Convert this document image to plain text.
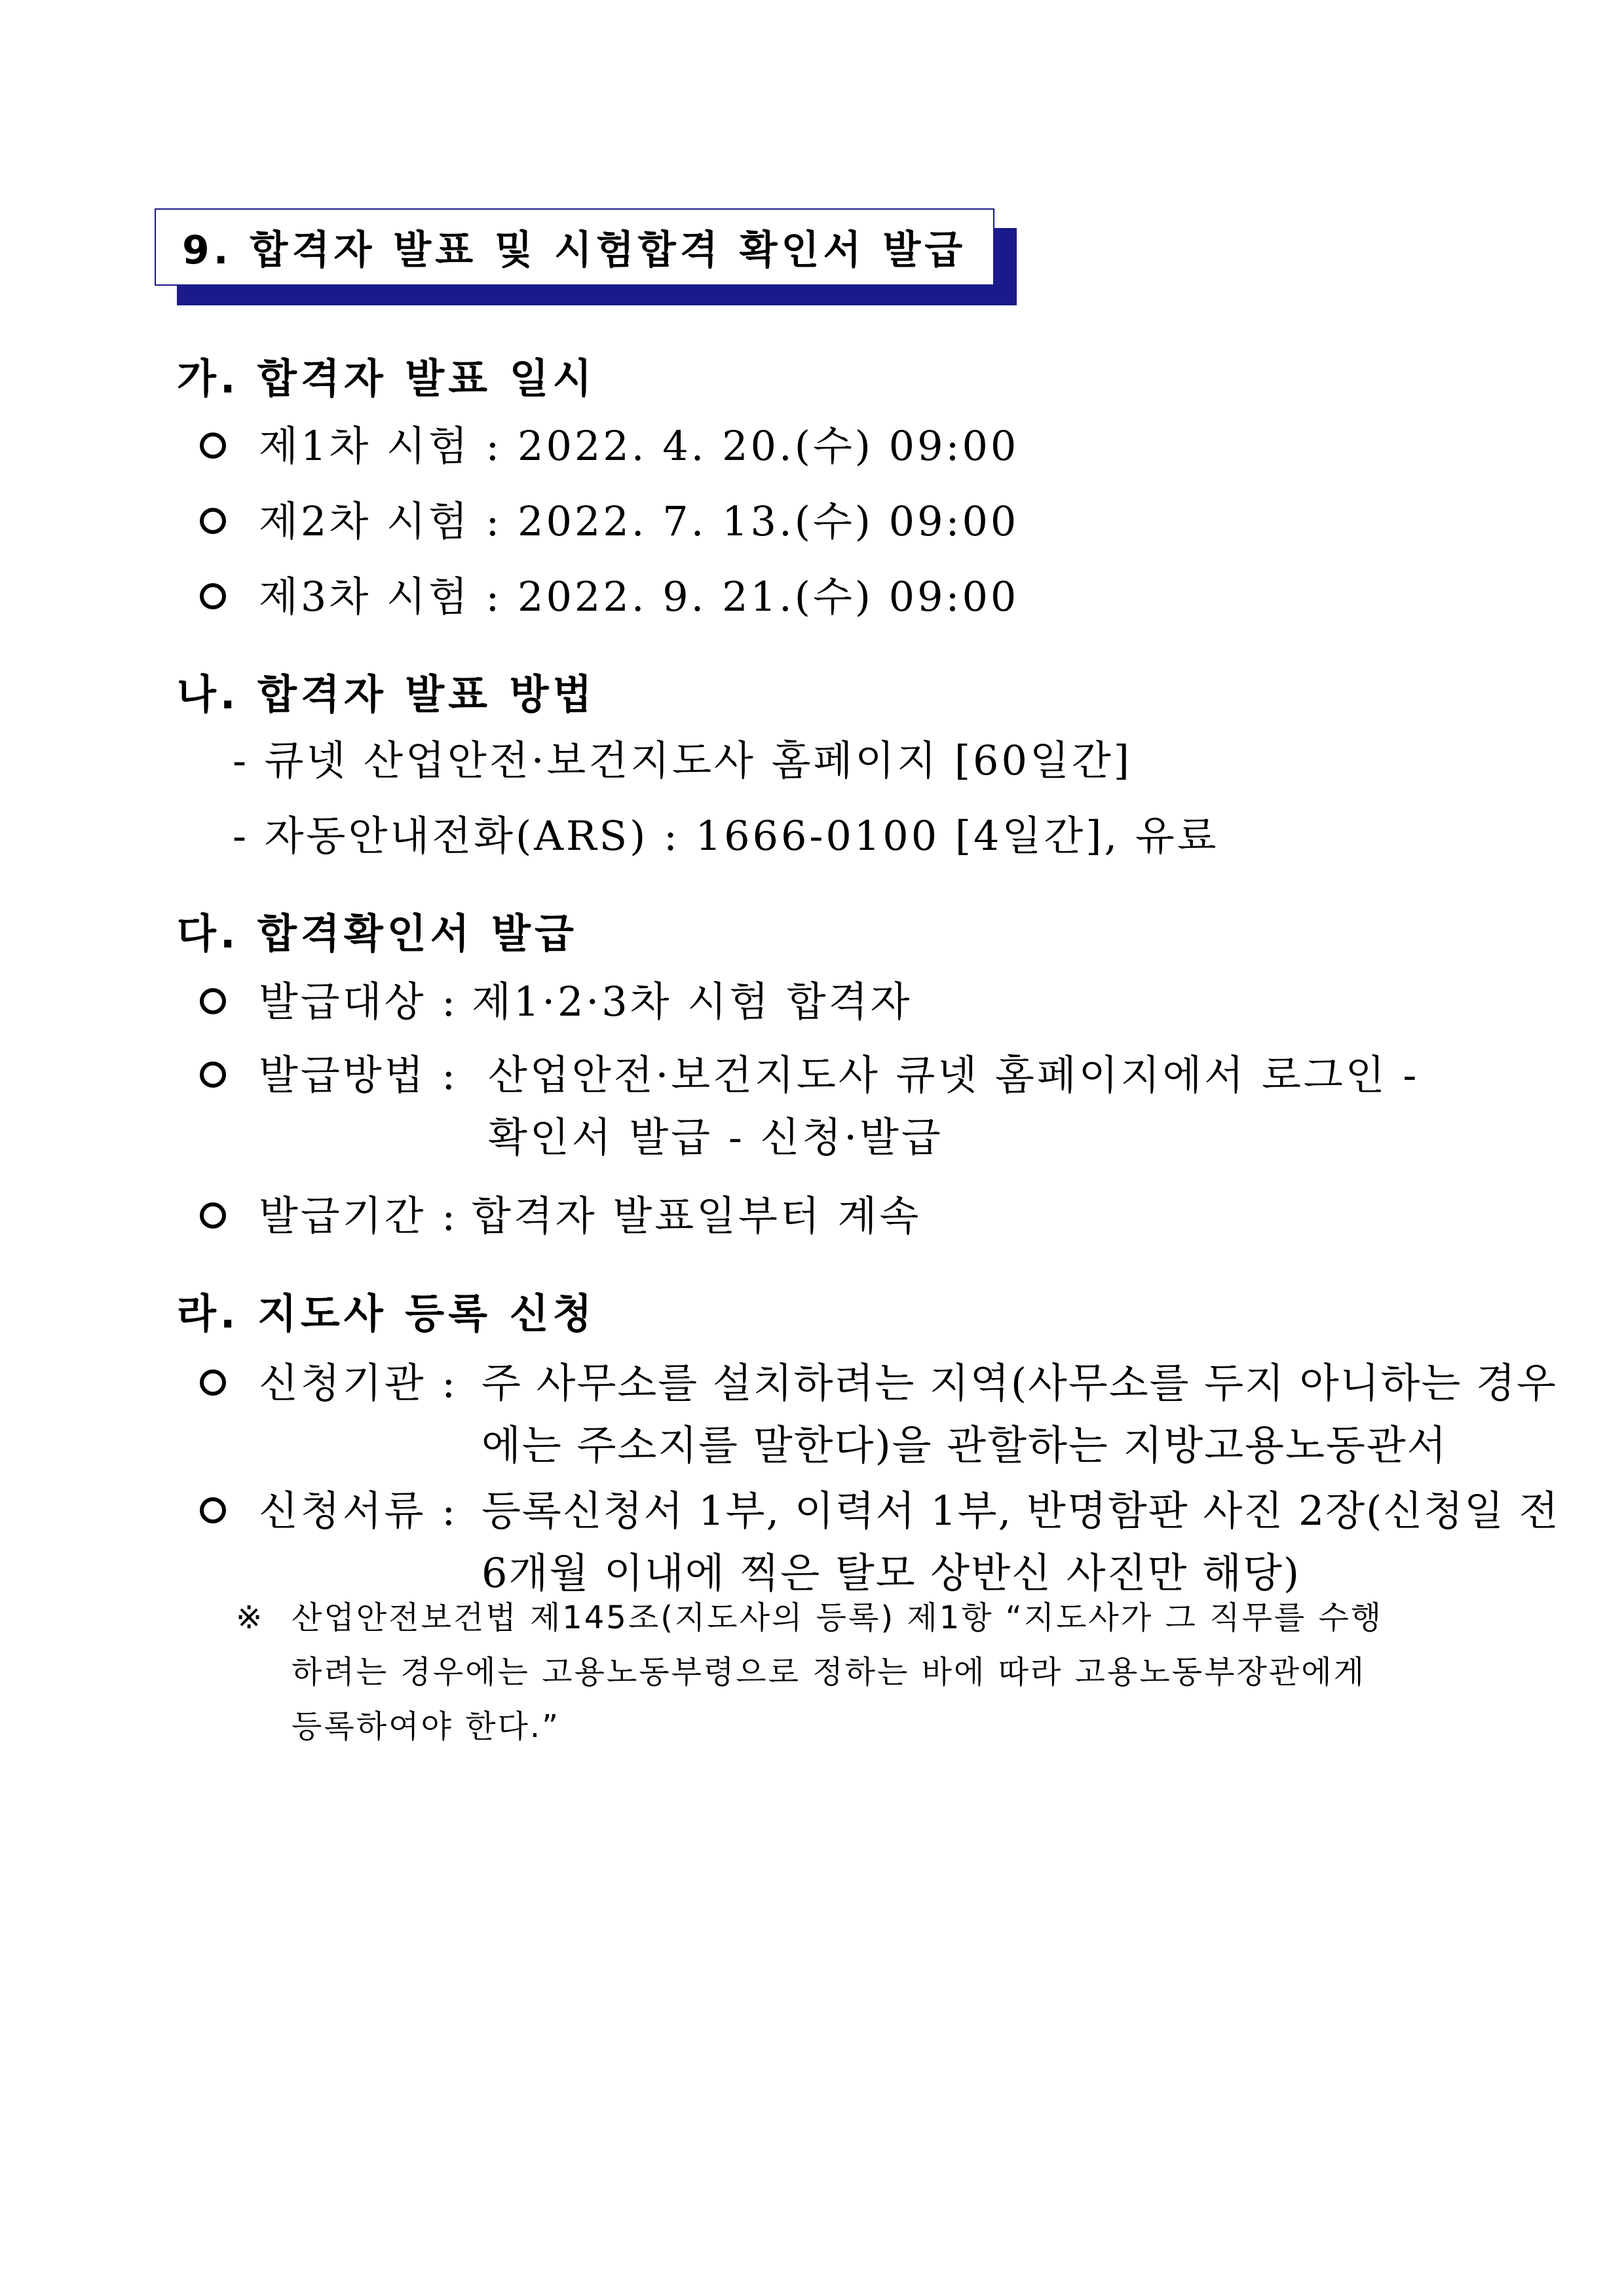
9. 합격자 발표 및 시험합격 확인서 발급
가. 합격자 발표 일시
제1차 시험 : 2022. 4. 20.(수) 09:00
제2차 시험 : 2022. 7. 13.(수) 09:00
제3차 시험 : 2022. 9. 21.(수) 09:00
나. 합격자 발표 방법
- 큐넷 산업안전·보건지도사 홈페이지 [60일간]
- 자동안내전화(ARS) : 1666-0100 [4일간], 유료
다. 합격확인서 발급
발급대상 : 제1·2·3차 시험 합격자
발급방법 : 산업안전·보건지도사 큐넷 홈페이지에서 로그인 -
확인서 발급 - 신청·발급
발급기간 : 합격자 발표일부터 계속
라. 지도사 등록 신청
신청기관 : 주 사무소를 설치하려는 지역(사무소를 두지 아니하는 경우
에는 주소지를 말한다)을 관할하는 지방고용노동관서
신청서류 : 등록신청서 1부, 이력서 1부, 반명함판 사진 2장(신청일 전
6개월 이내에 찍은 탈모 상반신 사진만 해당)
※ 산업안전보건법 제145조(지도사의 등록) 제1항 “지도사가 그 직무를 수행
하려는 경우에는 고용노동부령으로 정하는 바에 따라 고용노동부장관에게
등록하여야 한다.”
